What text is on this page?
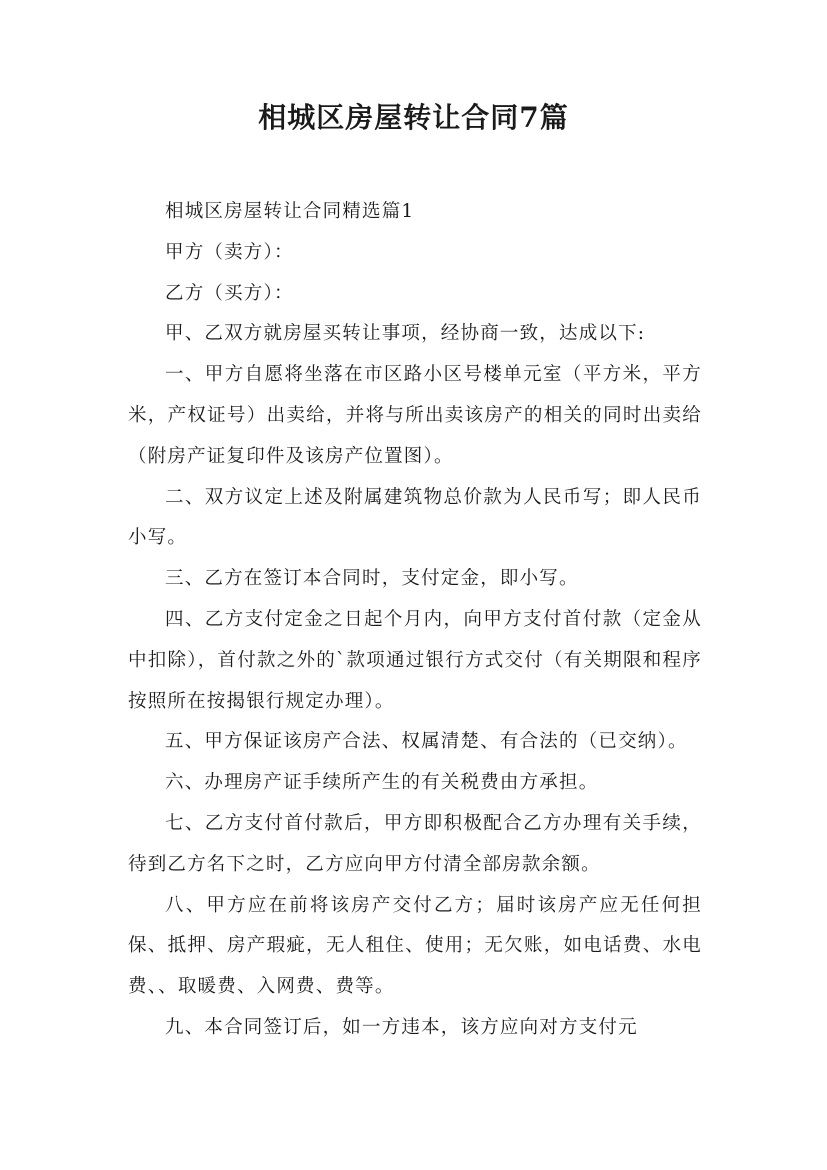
相城区房屋转让合同7篇

相城区房屋转让合同精选篇1

甲方（卖方）：

乙方（买方）：

甲、乙双方就房屋买转让事项，经协商一致，达成以下:

一、甲方自愿将坐落在市区路小区号楼单元室（平方米，平方米，产权证号）出卖给，并将与所出卖该房产的相关的同时出卖给（附房产证复印件及该房产位置图）。

二、双方议定上述及附属建筑物总价款为人民币写；即人民币小写。

三、乙方在签订本合同时，支付定金，即小写。

四、乙方支付定金之日起个月内，向甲方支付首付款（定金从中扣除），首付款之外的`款项通过银行方式交付（有关期限和程序按照所在按揭银行规定办理）。

五、甲方保证该房产合法、权属清楚、有合法的（已交纳）。

六、办理房产证手续所产生的有关税费由方承担。

七、乙方支付首付款后，甲方即积极配合乙方办理有关手续，待到乙方名下之时，乙方应向甲方付清全部房款余额。

八、甲方应在前将该房产交付乙方；届时该房产应无任何担保、抵押、房产瑕疵，无人租住、使用；无欠账，如电话费、水电费、、取暖费、入网费、费等。

九、本合同签订后，如一方违本，该方应向对方支付元
